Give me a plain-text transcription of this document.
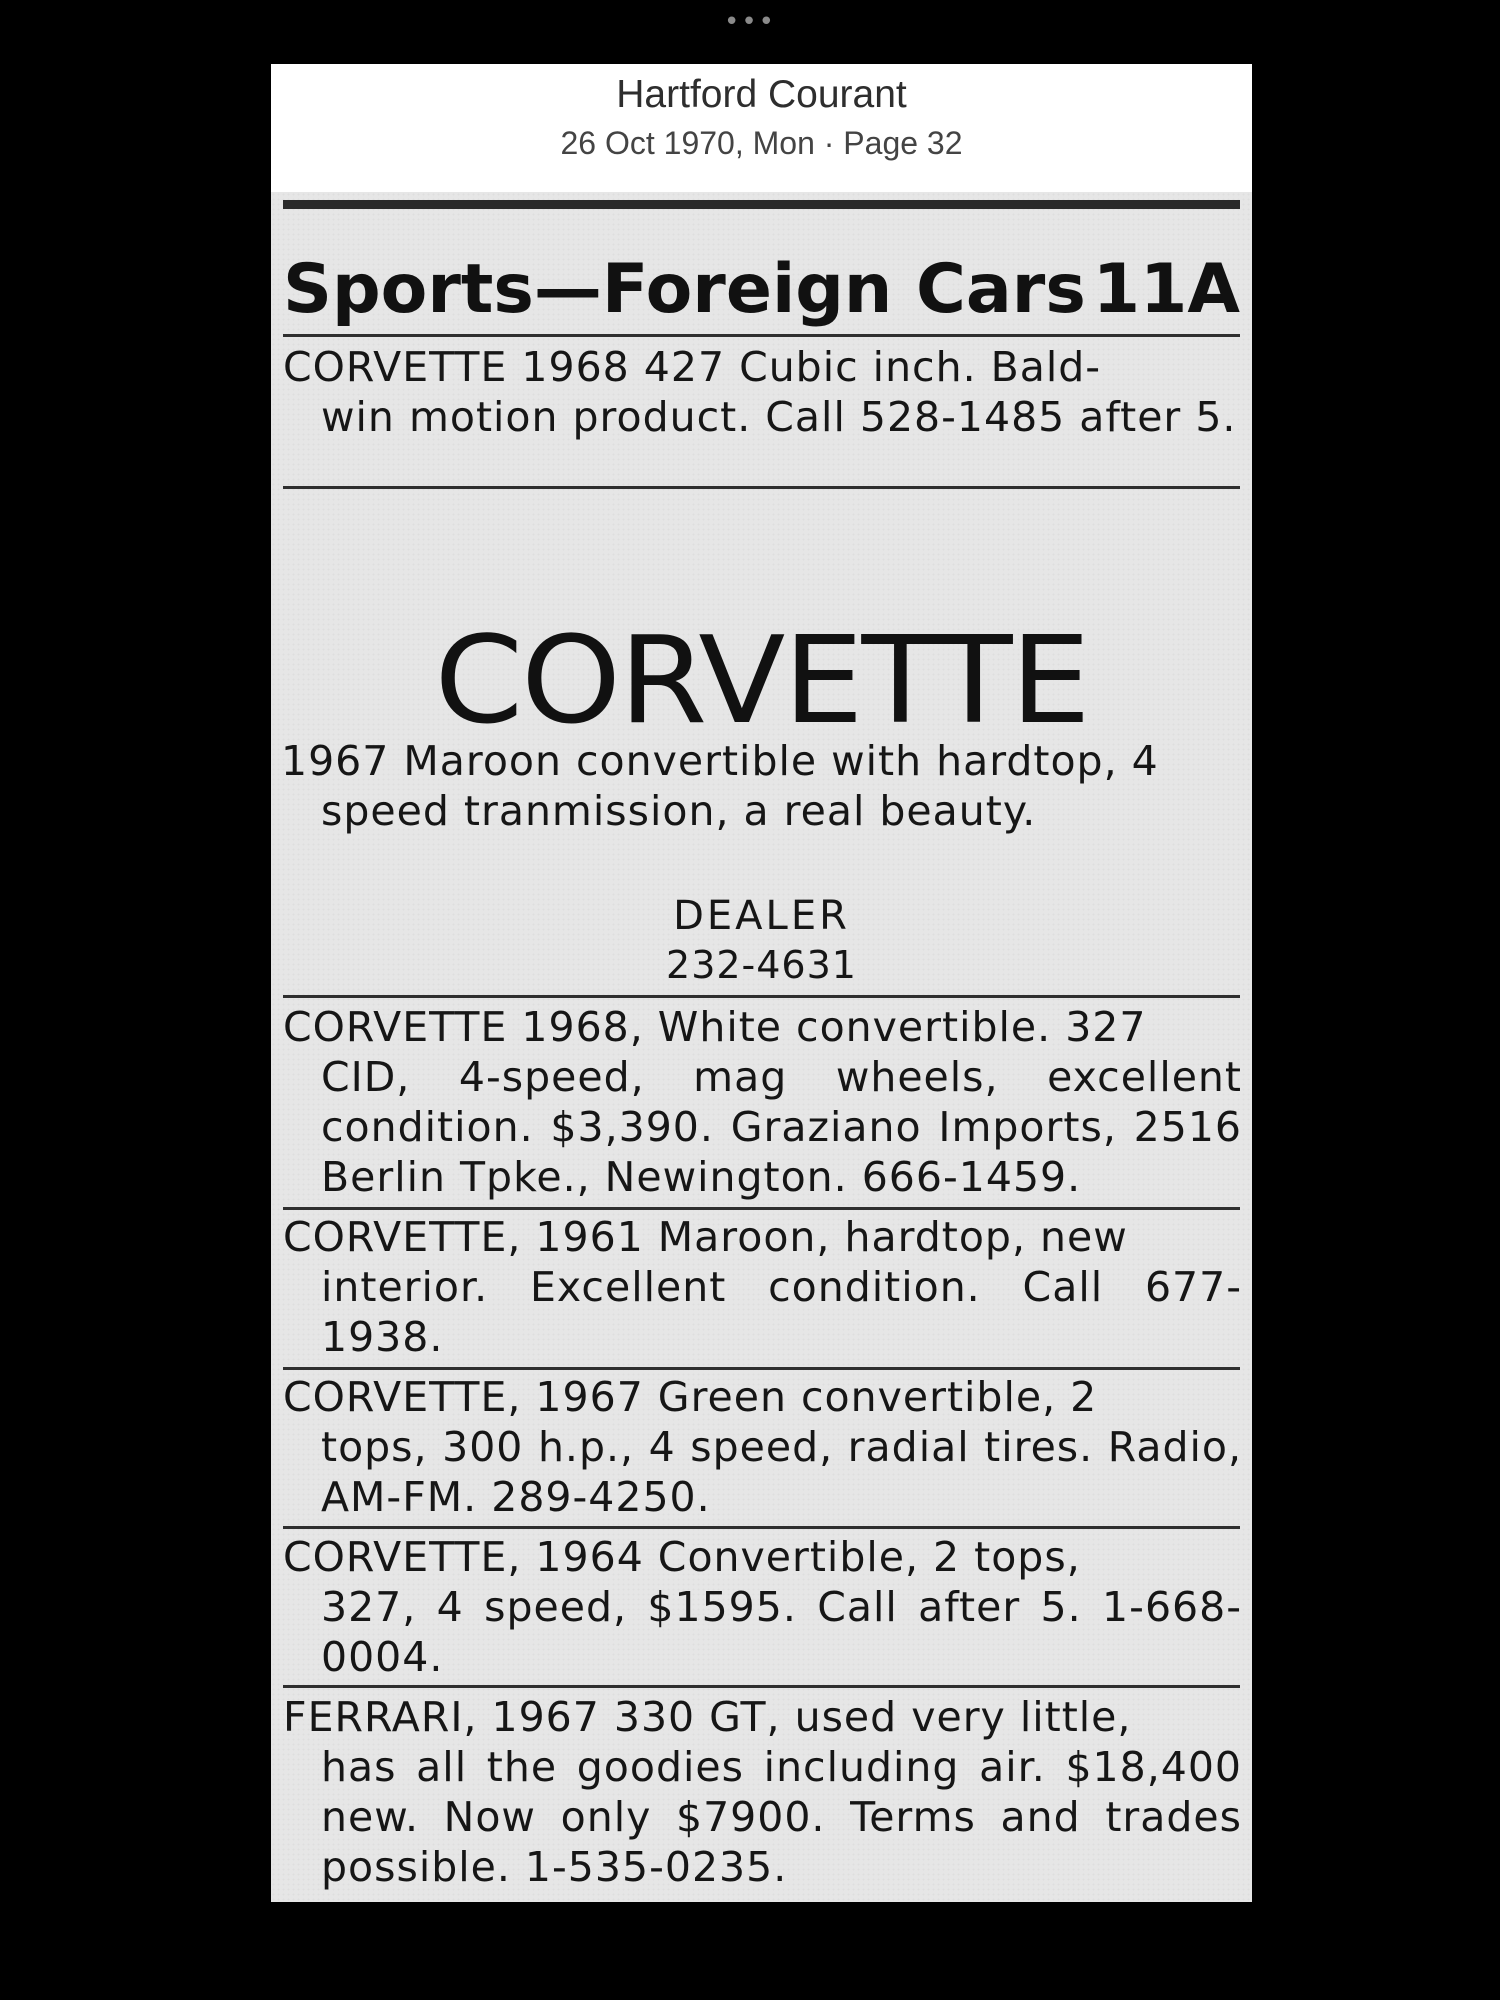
•••
Hartford Courant
26 Oct 1970, Mon · Page 32
Sports—Foreign Cars 11A
CORVETTE 1968 427 Cubic inch. Bald-
win motion product. Call 528-1485 after 5.
CORVETTE
1967 Maroon convertible with hardtop, 4
speed tranmission, a real beauty.
DEALER
232-4631
CORVETTE 1968, White convertible. 327
CID, 4-speed, mag wheels, excellent condition. $3,390. Graziano Imports, 2516 Berlin Tpke., Newington. 666-1459.
CORVETTE, 1961 Maroon, hardtop, new
interior. Excellent condition. Call 677-1938.
CORVETTE, 1967 Green convertible, 2
tops, 300 h.p., 4 speed, radial tires. Radio, AM-FM. 289-4250.
CORVETTE, 1964 Convertible, 2 tops,
327, 4 speed, $1595. Call after 5. 1-668-0004.
FERRARI, 1967 330 GT, used very little,
has all the goodies including air. $18,400 new. Now only $7900. Terms and trades possible. 1-535-0235.
